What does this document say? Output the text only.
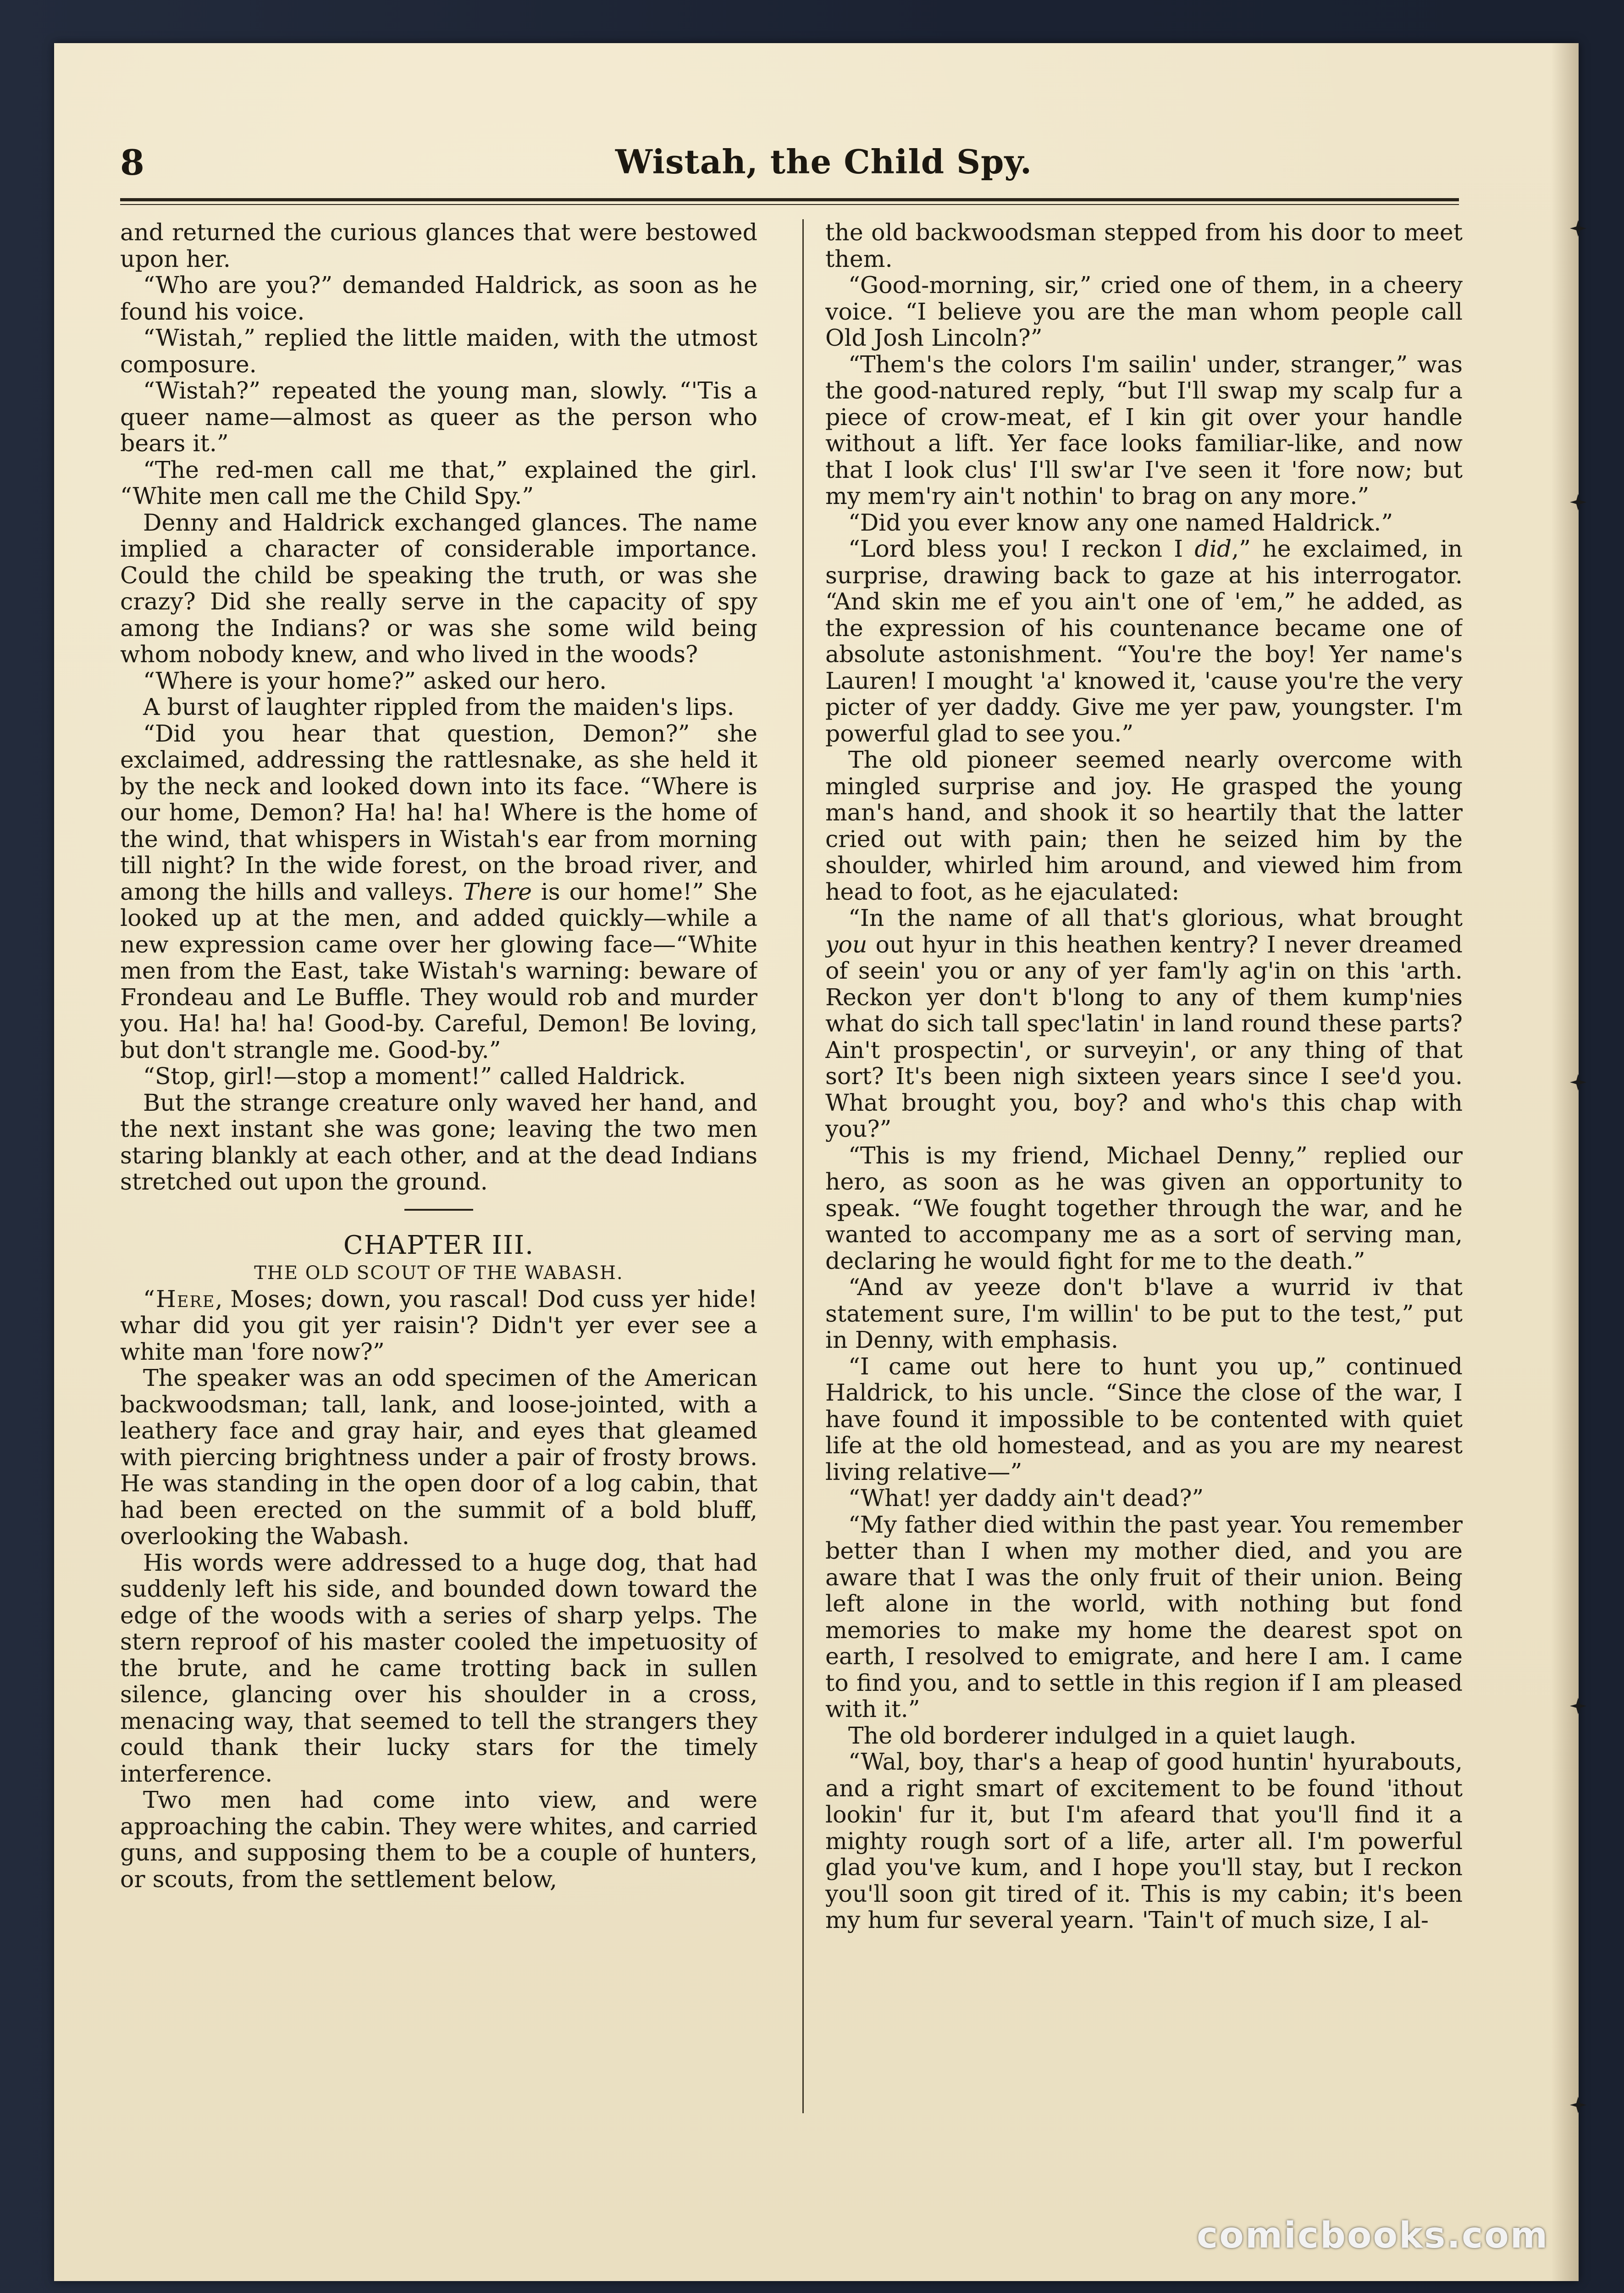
8	Wistah, the Child Spy.

and returned the curious glances that were bestowed upon her.

“Who are you?” demanded Haldrick, as soon as he found his voice.

“Wistah,” replied the little maiden, with the utmost composure.

“Wistah?” repeated the young man, slowly. “'Tis a queer name—almost as queer as the person who bears it.”

“The red-men call me that,” explained the girl. “White men call me the Child Spy.”

Denny and Haldrick exchanged glances. The name implied a character of considerable importance. Could the child be speaking the truth, or was she crazy? Did she really serve in the capacity of spy among the Indians? or was she some wild being whom nobody knew, and who lived in the woods?

“Where is your home?” asked our hero.

A burst of laughter rippled from the maiden's lips.

“Did you hear that question, Demon?” she exclaimed, addressing the rattlesnake, as she held it by the neck and looked down into its face. “Where is our home, Demon? Ha! ha! ha! Where is the home of the wind, that whispers in Wistah's ear from morning till night? In the wide forest, on the broad river, and among the hills and valleys. There is our home!” She looked up at the men, and added quickly—while a new expression came over her glowing face—“White men from the East, take Wistah's warning: beware of Frondeau and Le Buffle. They would rob and murder you. Ha! ha! ha! Good-by. Careful, Demon! Be loving, but don't strangle me. Good-by.”

“Stop, girl!—stop a moment!” called Haldrick.

But the strange creature only waved her hand, and the next instant she was gone; leaving the two men staring blankly at each other, and at the dead Indians stretched out upon the ground.

CHAPTER III.

THE OLD SCOUT OF THE WABASH.

“Here, Moses; down, you rascal! Dod cuss yer hide! whar did you git yer raisin'? Didn't yer ever see a white man 'fore now?”

The speaker was an odd specimen of the American backwoodsman; tall, lank, and loose-jointed, with a leathery face and gray hair, and eyes that gleamed with piercing brightness under a pair of frosty brows. He was standing in the open door of a log cabin, that had been erected on the summit of a bold bluff, overlooking the Wabash.

His words were addressed to a huge dog, that had suddenly left his side, and bounded down toward the edge of the woods with a series of sharp yelps. The stern reproof of his master cooled the impetuosity of the brute, and he came trotting back in sullen silence, glancing over his shoulder in a cross, menacing way, that seemed to tell the strangers they could thank their lucky stars for the timely interference.

Two men had come into view, and were approaching the cabin. They were whites, and carried guns, and supposing them to be a couple of hunters, or scouts, from the settlement below,

the old backwoodsman stepped from his door to meet them.

“Good-morning, sir,” cried one of them, in a cheery voice. “I believe you are the man whom people call Old Josh Lincoln?”

“Them's the colors I'm sailin' under, stranger,” was the good-natured reply, “but I'll swap my scalp fur a piece of crow-meat, ef I kin git over your handle without a lift. Yer face looks familiar-like, and now that I look clus' I'll sw'ar I've seen it 'fore now; but my mem'ry ain't nothin' to brag on any more.”

“Did you ever know any one named Haldrick.”

“Lord bless you! I reckon I did,” he exclaimed, in surprise, drawing back to gaze at his interrogator. “And skin me ef you ain't one of 'em,” he added, as the expression of his countenance became one of absolute astonishment. “You're the boy! Yer name's Lauren! I mought 'a' knowed it, 'cause you're the very picter of yer daddy. Give me yer paw, youngster. I'm powerful glad to see you.”

The old pioneer seemed nearly overcome with mingled surprise and joy. He grasped the young man's hand, and shook it so heartily that the latter cried out with pain; then he seized him by the shoulder, whirled him around, and viewed him from head to foot, as he ejaculated:

“In the name of all that's glorious, what brought you out hyur in this heathen kentry? I never dreamed of seein' you or any of yer fam'ly ag'in on this 'arth. Reckon yer don't b'long to any of them kump'nies what do sich tall spec'latin' in land round these parts? Ain't prospectin', or surveyin', or any thing of that sort? It's been nigh sixteen years since I see'd you. What brought you, boy? and who's this chap with you?”

“This is my friend, Michael Denny,” replied our hero, as soon as he was given an opportunity to speak. “We fought together through the war, and he wanted to accompany me as a sort of serving man, declaring he would fight for me to the death.”

“And av yeeze don't b'lave a wurrid iv that statement sure, I'm willin' to be put to the test,” put in Denny, with emphasis.

“I came out here to hunt you up,” continued Haldrick, to his uncle. “Since the close of the war, I have found it impossible to be contented with quiet life at the old homestead, and as you are my nearest living relative—”

“What! yer daddy ain't dead?”

“My father died within the past year. You remember better than I when my mother died, and you are aware that I was the only fruit of their union. Being left alone in the world, with nothing but fond memories to make my home the dearest spot on earth, I resolved to emigrate, and here I am. I came to find you, and to settle in this region if I am pleased with it.”

The old borderer indulged in a quiet laugh.

“Wal, boy, thar's a heap of good huntin' hyurabouts, and a right smart of excitement to be found 'ithout lookin' fur it, but I'm afeard that you'll find it a mighty rough sort of a life, arter all. I'm powerful glad you've kum, and I hope you'll stay, but I reckon you'll soon git tired of it. This is my cabin; it's been my hum fur several yearn. 'Tain't of much size, I al-

comicbooks.com
